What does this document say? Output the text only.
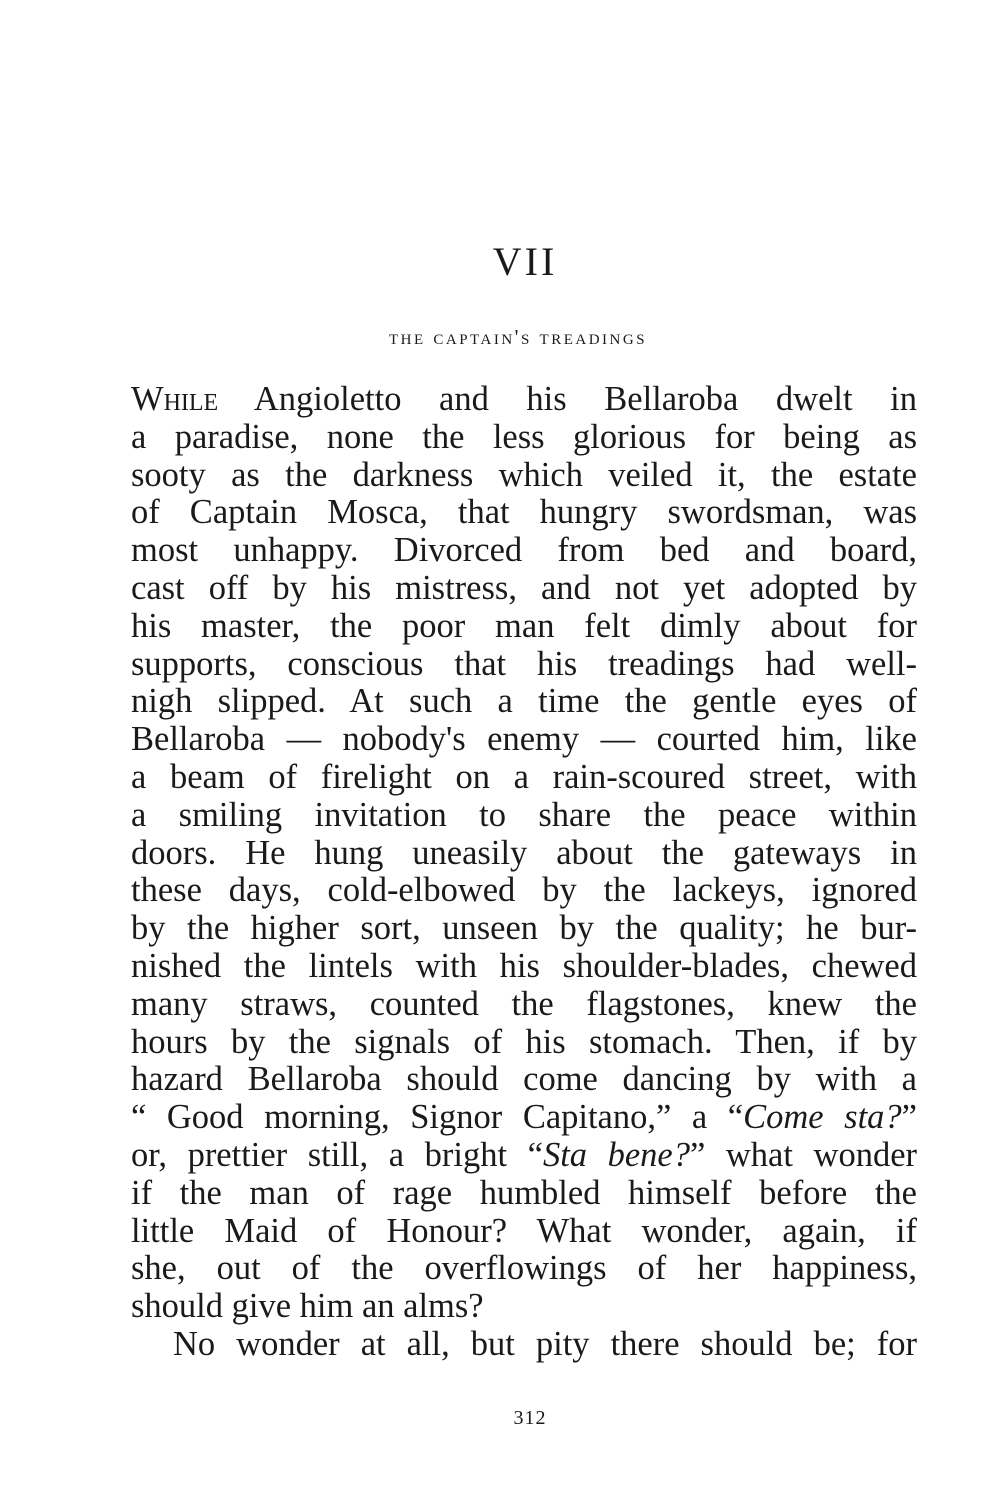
VII
the captain's treadings
While Angioletto and his Bellaroba dwelt in
a paradise, none the less glorious for being as
sooty as the darkness which veiled it, the estate
of Captain Mosca, that hungry swordsman, was
most unhappy. Divorced from bed and board,
cast off by his mistress, and not yet adopted by
his master, the poor man felt dimly about for
supports, conscious that his treadings had well-
nigh slipped. At such a time the gentle eyes of
Bellaroba — nobody's enemy — courted him, like
a beam of firelight on a rain-scoured street, with
a smiling invitation to share the peace within
doors. He hung uneasily about the gateways in
these days, cold-elbowed by the lackeys, ignored
by the higher sort, unseen by the quality; he bur-
nished the lintels with his shoulder-blades, chewed
many straws, counted the flagstones, knew the
hours by the signals of his stomach. Then, if by
hazard Bellaroba should come dancing by with a
“ Good morning, Signor Capitano,” a “Come sta?”
or, prettier still, a bright “Sta bene?” what wonder
if the man of rage humbled himself before the
little Maid of Honour? What wonder, again, if
she, out of the overflowings of her happiness,
should give him an alms?
No wonder at all, but pity there should be; for
312
